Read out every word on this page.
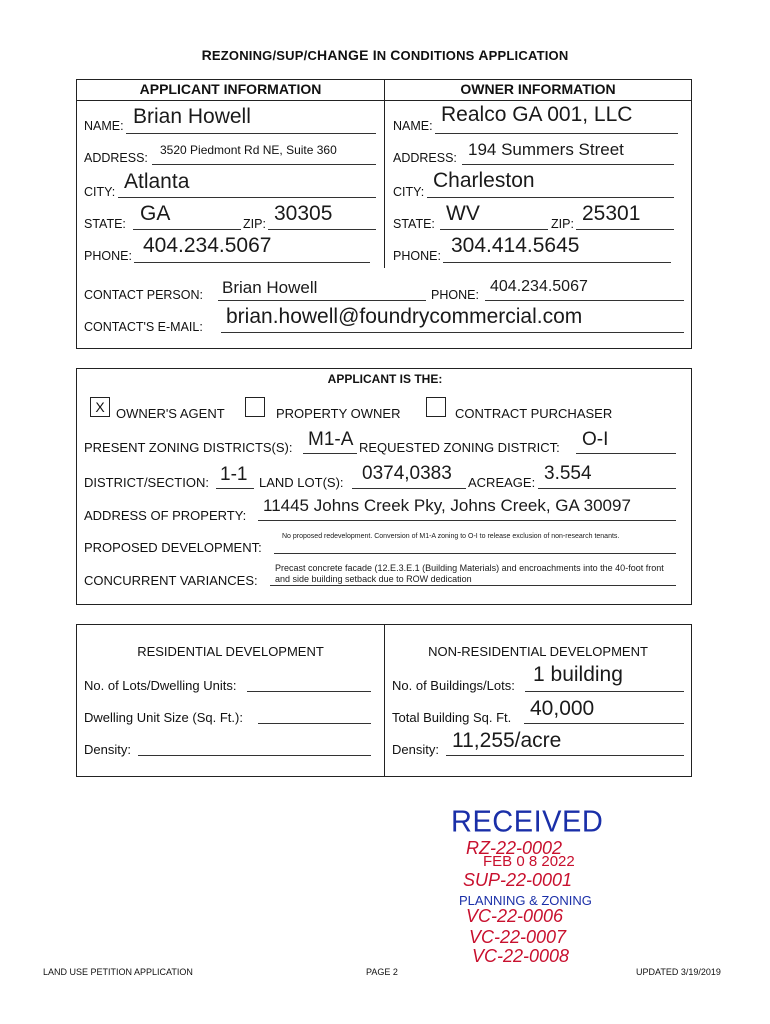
REZONING/SUP/CHANGE IN CONDITIONS APPLICATION
APPLICANT INFORMATION	OWNER INFORMATION
NAME: Brian Howell
ADDRESS:
3520 Piedmont Rd NE, Suite 360
CITY: Atlanta
STATE: GA	ZIP: 30305
PHONE: 404.234.5067
NAME: Realco GA 001, LLC
ADDRESS: 194 Summers Street
CITY: Charleston
STATE: WV	ZIP: 25301
PHONE: 304.414.5645
CONTACT PERSON: Brian Howell	PHONE: 404.234.5067
CONTACT'S E-MAIL: brian.howell@foundrycommercial.com
APPLICANT IS THE:
X OWNER'S AGENT	PROPERTY OWNER	CONTRACT PURCHASER
PRESENT ZONING DISTRICTS(S): M1-A REQUESTED ZONING DISTRICT: O-I
DISTRICT/SECTION: 1-1 LAND LOT(S): 0374,0383 ACREAGE: 3.554
ADDRESS OF PROPERTY:
11445 Johns Creek Pky, Johns Creek, GA 30097
PROPOSED DEVELOPMENT:
No proposed redevelopment. Conversion of M1-A zoning to O-I to release exclusion of non-research tenants.
CONCURRENT VARIANCES:
Precast concrete facade (12.E.3.E.1 (Building Materials) and encroachments into the 40-foot front
and side building setback due to ROW dedication
RESIDENTIAL DEVELOPMENT	NON-RESIDENTIAL DEVELOPMENT
No. of Lots/Dwelling Units:
Dwelling Unit Size (Sq. Ft.):
Density:
No. of Buildings/Lots: 1 building
Total Building Sq. Ft. 40,000
Density: 11,255/acre
RECEIVED
RZ-22-0002
FEB 0 8 2022
SUP-22-0001
PLANNING & ZONING
VC-22-0006
VC-22-0007
VC-22-0008
LAND USE PETITION APPLICATION	PAGE 2	UPDATED 3/19/2019
